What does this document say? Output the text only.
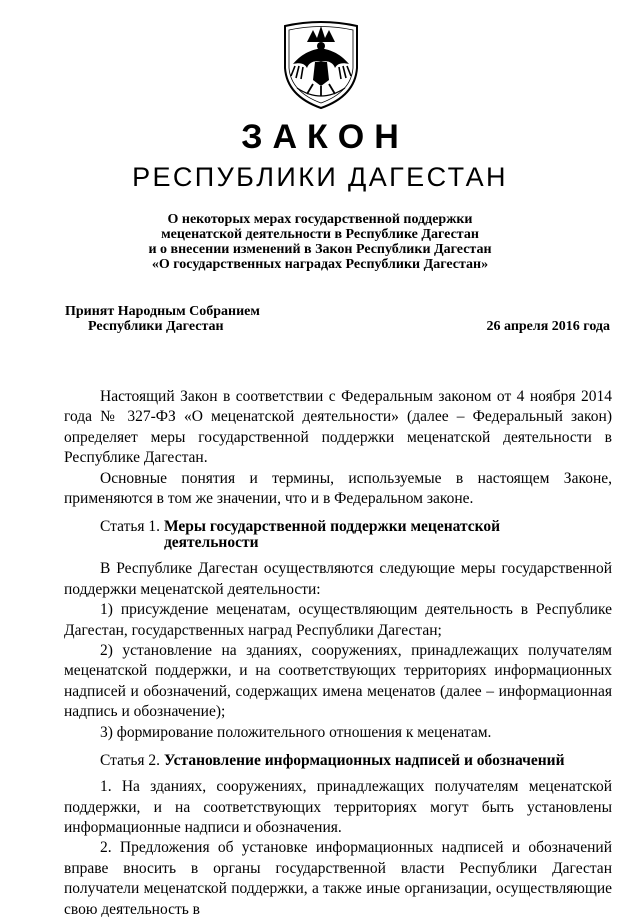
ЗАКОН
РЕСПУБЛИКИ ДАГЕСТАН
О некоторых мерах государственной поддержки
меценатской деятельности в Республике Дагестан
и о внесении изменений в Закон Республики Дагестан
«О государственных наградах Республики Дагестан»
Принят Народным Собранием
Республики Дагестан	26 апреля 2016 года

Настоящий Закон в соответствии с Федеральным законом от 4 ноября 2014 года № 327-ФЗ «О меценатской деятельности» (далее – Федеральный закон) определяет меры государственной поддержки меценатской деятельности в Республике Дагестан.

Основные понятия и термины, используемые в настоящем Законе, применяются в том же значении, что и в Федеральном законе.

Статья 1. Меры государственной поддержки меценатской
деятельности

В Республике Дагестан осуществляются следующие меры государственной поддержки меценатской деятельности:

1) присуждение меценатам, осуществляющим деятельность в Республике Дагестан, государственных наград Республики Дагестан;

2) установление на зданиях, сооружениях, принадлежащих получателям меценатской поддержки, и на соответствующих территориях информационных надписей и обозначений, содержащих имена меценатов (далее – информационная надпись и обозначение);

3) формирование положительного отношения к меценатам.

Статья 2. Установление информационных надписей и обозначений

1. На зданиях, сооружениях, принадлежащих получателям меценатской поддержки, и на соответствующих территориях могут быть установлены информационные надписи и обозначения.

2. Предложения об установке информационных надписей и обозначений вправе вносить в органы государственной власти Республики Дагестан получатели меценатской поддержки, а также иные организации, осуществляющие свою деятельность в
